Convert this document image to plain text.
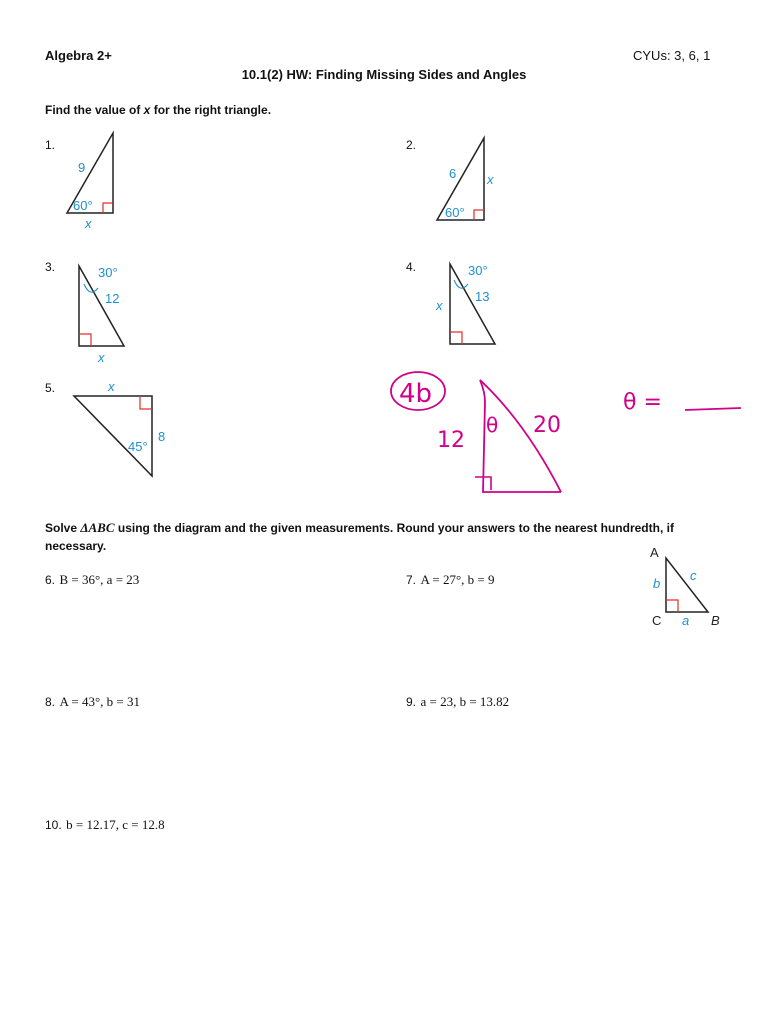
Algebra 2+	CYUs: 3, 6, 1
10.1(2) HW: Finding Missing Sides and Angles
Find the value of x for the right triangle.
1.	2.
3.	4.
5.
9
60°
x
6 x
60°
30°
12
x
30°
13
x
x
8
45°
4b
θ
12
20
θ =
Solve ΔABC using the diagram and the given measurements. Round your answers to the nearest hundredth, if necessary.	A
C	B
b
c
a
6. B = 36°, a = 23	7. A = 27°, b = 9
8. A = 43°, b = 31	9. a = 23, b = 13.82
10. b = 12.17, c = 12.8
